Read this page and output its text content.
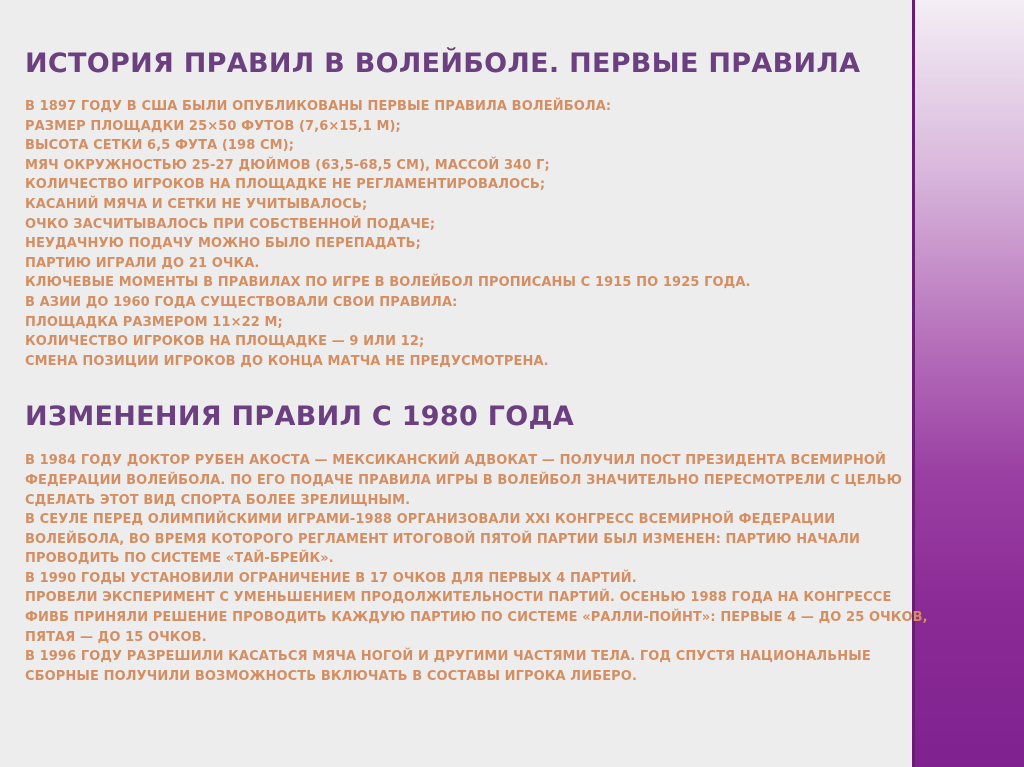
ИСТОРИЯ ПРАВИЛ В ВОЛЕЙБОЛЕ. ПЕРВЫЕ ПРАВИЛА
В 1897 ГОДУ В США БЫЛИ ОПУБЛИКОВАНЫ ПЕРВЫЕ ПРАВИЛА ВОЛЕЙБОЛА:
РАЗМЕР ПЛОЩАДКИ 25×50 ФУТОВ (7,6×15,1 М);
ВЫСОТА СЕТКИ 6,5 ФУТА (198 СМ);
МЯЧ ОКРУЖНОСТЬЮ 25-27 ДЮЙМОВ (63,5-68,5 СМ), МАССОЙ 340 Г;
КОЛИЧЕСТВО ИГРОКОВ НА ПЛОЩАДКЕ НЕ РЕГЛАМЕНТИРОВАЛОСЬ;
КАСАНИЙ МЯЧА И СЕТКИ НЕ УЧИТЫВАЛОСЬ;
ОЧКО ЗАСЧИТЫВАЛОСЬ ПРИ СОБСТВЕННОЙ ПОДАЧЕ;
НЕУДАЧНУЮ ПОДАЧУ МОЖНО БЫЛО ПЕРЕПАДАТЬ;
ПАРТИЮ ИГРАЛИ ДО 21 ОЧКА.
КЛЮЧЕВЫЕ МОМЕНТЫ В ПРАВИЛАХ ПО ИГРЕ В ВОЛЕЙБОЛ ПРОПИСАНЫ С 1915 ПО 1925 ГОДА.
В АЗИИ ДО 1960 ГОДА СУЩЕСТВОВАЛИ СВОИ ПРАВИЛА:
ПЛОЩАДКА РАЗМЕРОМ 11×22 М;
КОЛИЧЕСТВО ИГРОКОВ НА ПЛОЩАДКЕ — 9 ИЛИ 12;
СМЕНА ПОЗИЦИИ ИГРОКОВ ДО КОНЦА МАТЧА НЕ ПРЕДУСМОТРЕНА.
ИЗМЕНЕНИЯ ПРАВИЛ С 1980 ГОДА
В 1984 ГОДУ ДОКТОР РУБЕН АКОСТА — МЕКСИКАНСКИЙ АДВОКАТ — ПОЛУЧИЛ ПОСТ ПРЕЗИДЕНТА ВСЕМИРНОЙ
ФЕДЕРАЦИИ ВОЛЕЙБОЛА. ПО ЕГО ПОДАЧЕ ПРАВИЛА ИГРЫ В ВОЛЕЙБОЛ ЗНАЧИТЕЛЬНО ПЕРЕСМОТРЕЛИ С ЦЕЛЬЮ
СДЕЛАТЬ ЭТОТ ВИД СПОРТА БОЛЕЕ ЗРЕЛИЩНЫМ.
В СЕУЛЕ ПЕРЕД ОЛИМПИЙСКИМИ ИГРАМИ-1988 ОРГАНИЗОВАЛИ XXI КОНГРЕСС ВСЕМИРНОЙ ФЕДЕРАЦИИ
ВОЛЕЙБОЛА, ВО ВРЕМЯ КОТОРОГО РЕГЛАМЕНТ ИТОГОВОЙ ПЯТОЙ ПАРТИИ БЫЛ ИЗМЕНЕН: ПАРТИЮ НАЧАЛИ
ПРОВОДИТЬ ПО СИСТЕМЕ «ТАЙ-БРЕЙК».
В 1990 ГОДЫ УСТАНОВИЛИ ОГРАНИЧЕНИЕ В 17 ОЧКОВ ДЛЯ ПЕРВЫХ 4 ПАРТИЙ.
ПРОВЕЛИ ЭКСПЕРИМЕНТ С УМЕНЬШЕНИЕМ ПРОДОЛЖИТЕЛЬНОСТИ ПАРТИЙ. ОСЕНЬЮ 1988 ГОДА НА КОНГРЕССЕ
ФИВБ ПРИНЯЛИ РЕШЕНИЕ ПРОВОДИТЬ КАЖДУЮ ПАРТИЮ ПО СИСТЕМЕ «РАЛЛИ-ПОЙНТ»: ПЕРВЫЕ 4 — ДО 25 ОЧКОВ,
ПЯТАЯ — ДО 15 ОЧКОВ.
В 1996 ГОДУ РАЗРЕШИЛИ КАСАТЬСЯ МЯЧА НОГОЙ И ДРУГИМИ ЧАСТЯМИ ТЕЛА. ГОД СПУСТЯ НАЦИОНАЛЬНЫЕ
СБОРНЫЕ ПОЛУЧИЛИ ВОЗМОЖНОСТЬ ВКЛЮЧАТЬ В СОСТАВЫ ИГРОКА ЛИБЕРО.
